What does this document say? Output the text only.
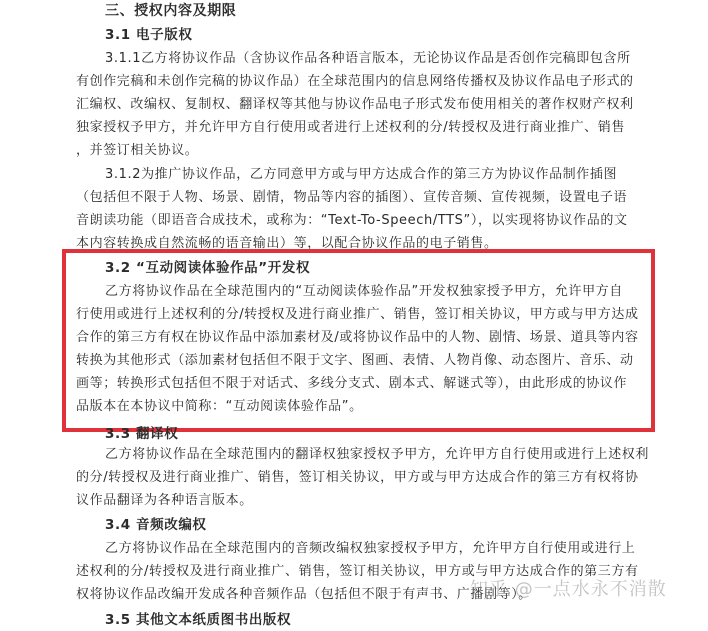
三、授权内容及期限
3.1 电子版权
3.1.1乙方将协议作品（含协议作品各种语言版本，无论协议作品是否创作完稿即包含所
有创作完稿和未创作完稿的协议作品）在全球范围内的信息网络传播权及协议作品电子形式的
汇编权、改编权、复制权、翻译权等其他与协议作品电子形式发布使用相关的著作权财产权利
独家授权予甲方，并允许甲方自行使用或者进行上述权利的分/转授权及进行商业推广、销售
，并签订相关协议。
3.1.2为推广协议作品，乙方同意甲方或与甲方达成合作的第三方为协议作品制作插图
（包括但不限于人物、场景、剧情，物品等内容的插图）、宣传音频、宣传视频，设置电子语
音朗读功能（即语音合成技术，或称为：“Text-To-Speech/TTS”），以实现将协议作品的文
本内容转换成自然流畅的语音输出）等，以配合协议作品的电子销售。
3.2 “互动阅读体验作品”开发权
乙方将协议作品在全球范围内的“互动阅读体验作品”开发权独家授予甲方，允许甲方自
行使用或进行上述权利的分/转授权及进行商业推广、销售，签订相关协议，甲方或与甲方达成
合作的第三方有权在协议作品中添加素材及/或将协议作品中的人物、剧情、场景、道具等内容
转换为其他形式（添加素材包括但不限于文字、图画、表情、人物肖像、动态图片、音乐、动
画等；转换形式包括但不限于对话式、多线分支式、剧本式、解谜式等），由此形成的协议作
品版本在本协议中简称：“互动阅读体验作品”。
3.3 翻译权
乙方将协议作品在全球范围内的翻译权独家授权予甲方，允许甲方自行使用或进行上述权利
的分/转授权及进行商业推广、销售，签订相关协议，甲方或与甲方达成合作的第三方有权将协
议作品翻译为各种语言版本。
3.4 音频改编权
乙方将协议作品在全球范围内的音频改编权独家授权予甲方，允许甲方自行使用或进行上
述权利的分/转授权及进行商业推广、销售，签订相关协议，甲方或与甲方达成合作的第三方有
权将协议作品改编开发成各种音频作品（包括但不限于有声书、广播剧等）。
3.5 其他文本纸质图书出版权
知乎 @一点水永不消散
